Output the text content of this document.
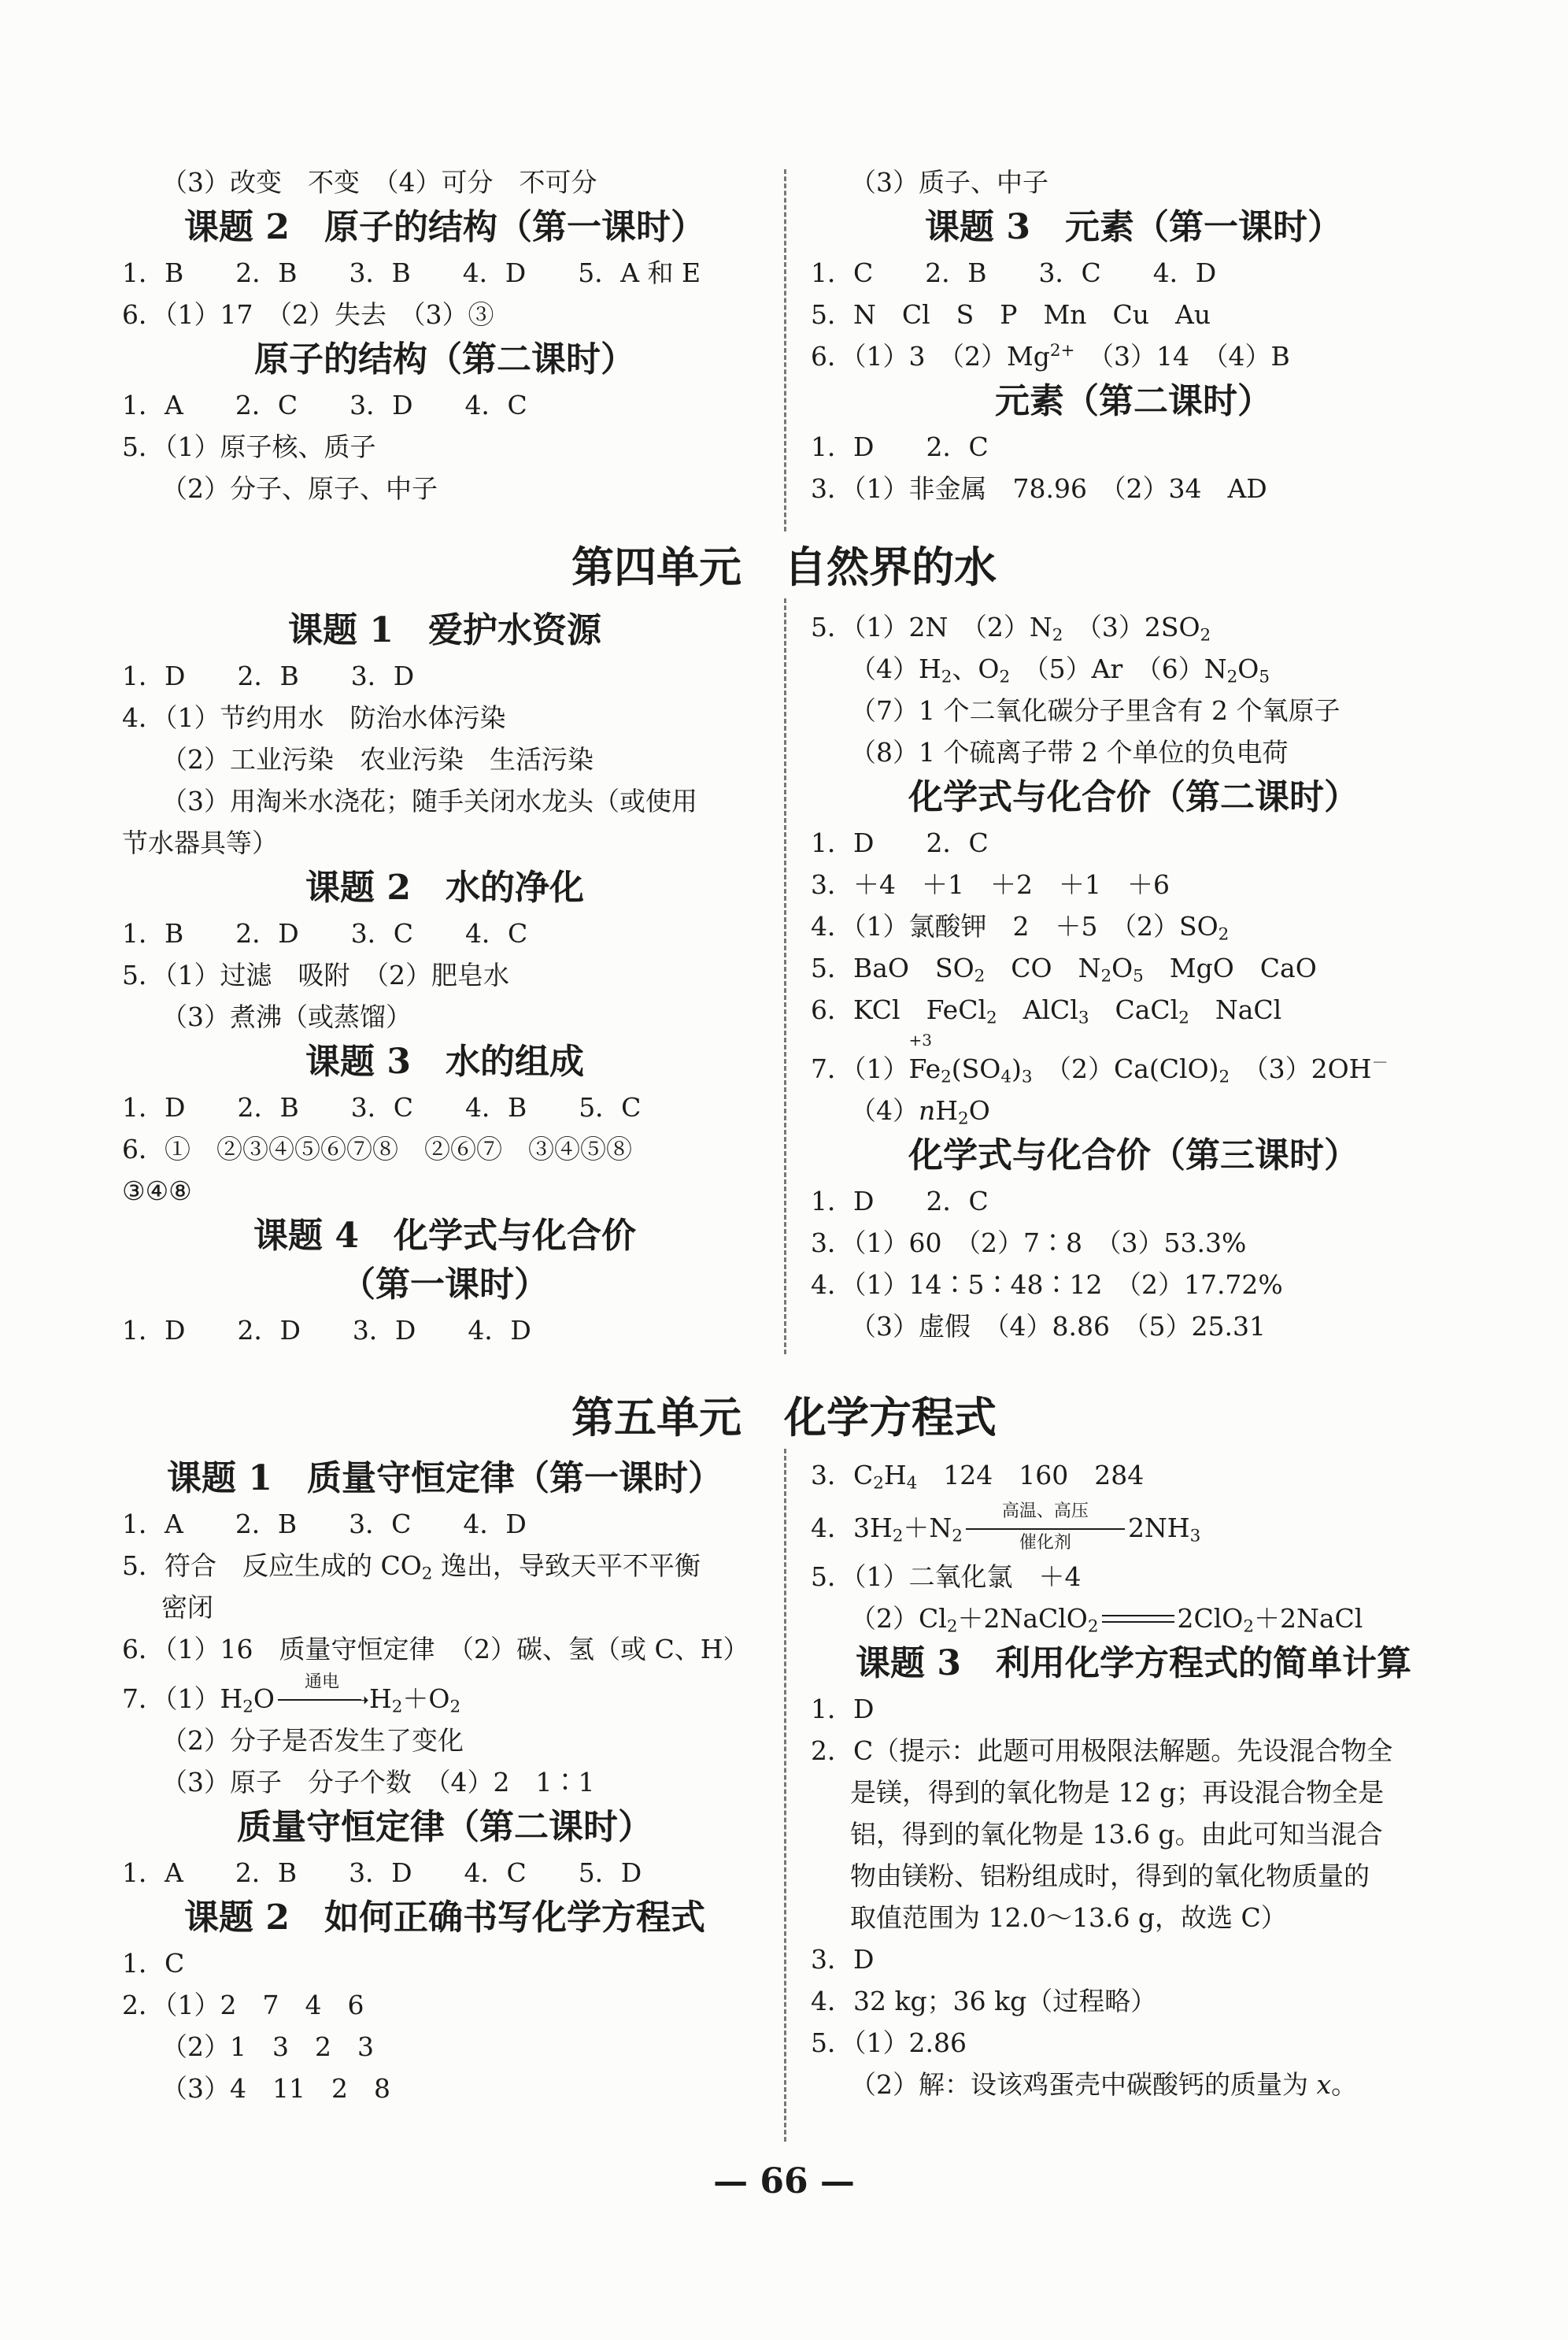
（3）改变　不变　（4）可分　不可分
课题 2　原子的结构（第一课时）
1．B　　2．B　　3．B　　4．D　　5．A 和 E
6．（1）17　（2）失去　（3）③
原子的结构（第二课时）
1．A　　2．C　　3．D　　4．C
5．（1）原子核、质子
（2）分子、原子、中子
（3）质子、中子
课题 3　元素（第一课时）
1．C　　2．B　　3．C　　4．D
5．N　Cl　S　P　Mn　Cu　Au
6．（1）3　$(2)Mg^{2+}$　（3）14　（4）B
元素（第二课时）
1．D　　2．C
3．（1）非金属　78.96　（2）34　AD
第四单元　自然界的水
课题 1　爱护水资源
1．D　　2．B　　3．D
4．（1）节约用水　防治水体污染
（2）工业污染　农业污染　生活污染
（3）用淘米水浇花；随手关闭水龙头（或使用
节水器具等）
课题 2　水的净化
1．B　　2．D　　3．C　　4．C
5．（1）过滤　吸附　（2）肥皂水
（3）煮沸（或蒸馏）
课题 3　水的组成
1．D　　2．B　　3．C　　4．B　　5．C
6．①　②③④⑤⑥⑦⑧　②⑥⑦　③④⑤⑧
③④⑧
课题 4　化学式与化合价
（第一课时）
1．D　　2．D　　3．D　　4．D
5．（1）2N　$(2)N_2$　$(3)2SO_2$
$(4)H_2$、$O_2$　（5）Ar　$(6)N_2O_5$
（7）1 个二氧化碳分子里含有 2 个氧原子
（8）1 个硫离子带 2 个单位的负电荷
化学式与化合价（第二课时）
1．D　　2．C
3．＋4　＋1　＋2　＋1　＋6
4．（1）氯酸钾　2　＋5　$(2)SO_2$
5．BaO　$SO_2$　CO　$N_2O_5$　MgO　CaO
6．KCl　FeCl$_2$　AlCl$_3$　CaCl$_2$　NaCl
7．（1）
+3
$Fe_2(SO_4)_3$　$(2)Ca(ClO)_2$　（3）2OH－
$(4)nH_2O$
化学式与化合价（第三课时）
1．D　　2．C
3．（1）60　（2）7∶8　（3）53.3%
4．（1）14∶5∶48∶12　（2）17.72%
（3）虚假　（4）8.86　（5）25.31
第五单元　化学方程式
课题 1　质量守恒定律（第一课时）
1．A　　2．B　　3．C　　4．D
5．符合　反应生成的 $CO_2$ 逸出，导致天平不平衡
密闭
6．（1）16　质量守恒定律　（2）碳、氢（或 C、H）
7．$(1)H_2O$
通电
➝ $H_2+O_2$
（2）分子是否发生了变化
（3）原子　分子个数　（4）2　1∶1
质量守恒定律（第二课时）
1．A　　2．B　　3．D　　4．C　　5．D
课题 2　如何正确书写化学方程式
1．C
2．（1）2　7　4　6
（2）1　3　2　3
（3）4　11　2　8
3．$C_2H_4$　124　160　284
4．$3H_2+N_2$
高温、高压
催化剂	$2NH_3$
5．（1）二氧化氯　＋4
$(2)Cl_2+2NaClO_2$	2ClO$_2$＋2NaCl
课题 3　利用化学方程式的简单计算
1．D
2．C（提示：此题可用极限法解题。先设混合物全
是镁，得到的氧化物是 12 g；再设混合物全是
铝，得到的氧化物是 13.6 g。由此可知当混合
物由镁粉、铝粉组成时，得到的氧化物质量的
取值范围为 12.0～13.6 g，故选 C）
3．D
4．32 kg；36 kg（过程略）
5．（1）2.86
（2）解：设该鸡蛋壳中碳酸钙的质量为 x。
— 66 —
